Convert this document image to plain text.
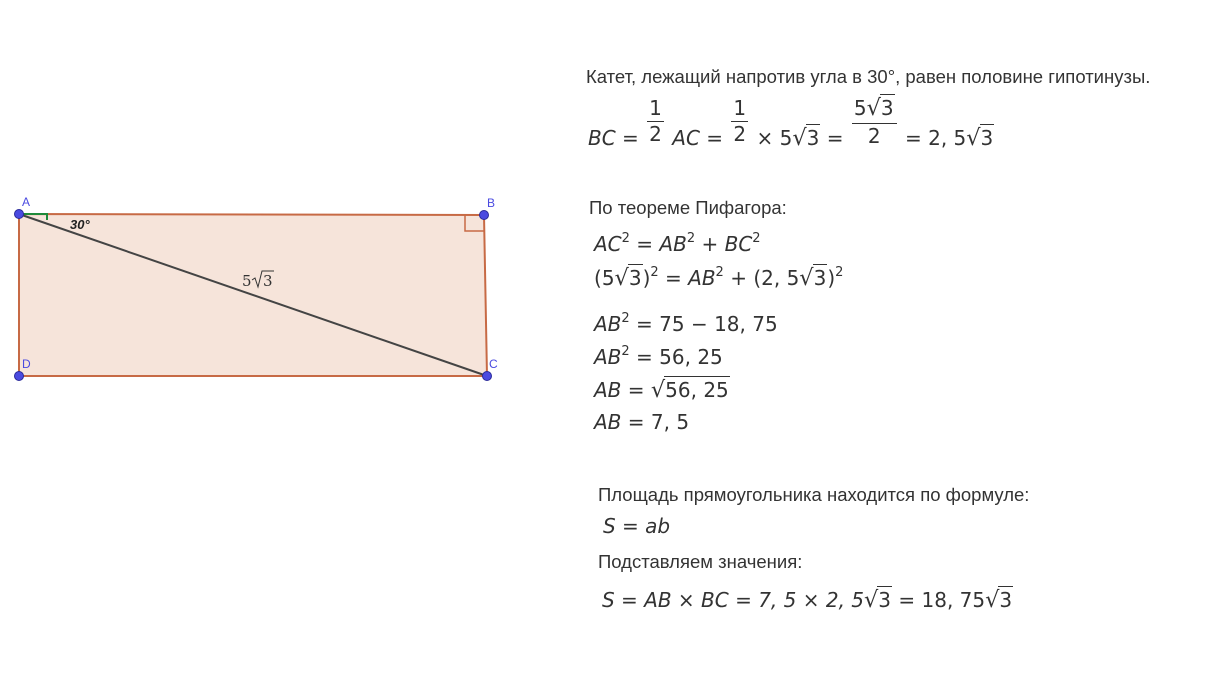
A	B
C
D
30°
5 3
Катет, лежащий напротив угла в 30°, равен половине гипотинузы.
BC = $\frac{1}{2}$ AC = $\frac{1}{2} \times 5√3 = \frac{5√3}{2} = 2$, 5√3
По теореме Пифагора:
$AC^2 = AB^2 + BC^2$
$(5√3)^2 = AB^2 + (2$, 5√3)$^2$
$AB^2 = 75 - 18$, 75
$AB^2 = 56$, 25
AB = √56, 25
AB = 7, 5
Площадь прямоугольника находится по формуле:
S = ab
Подставляем значения:
S = AB × BC = 7, 5 × 2, 5√3 = 18, 75√3
